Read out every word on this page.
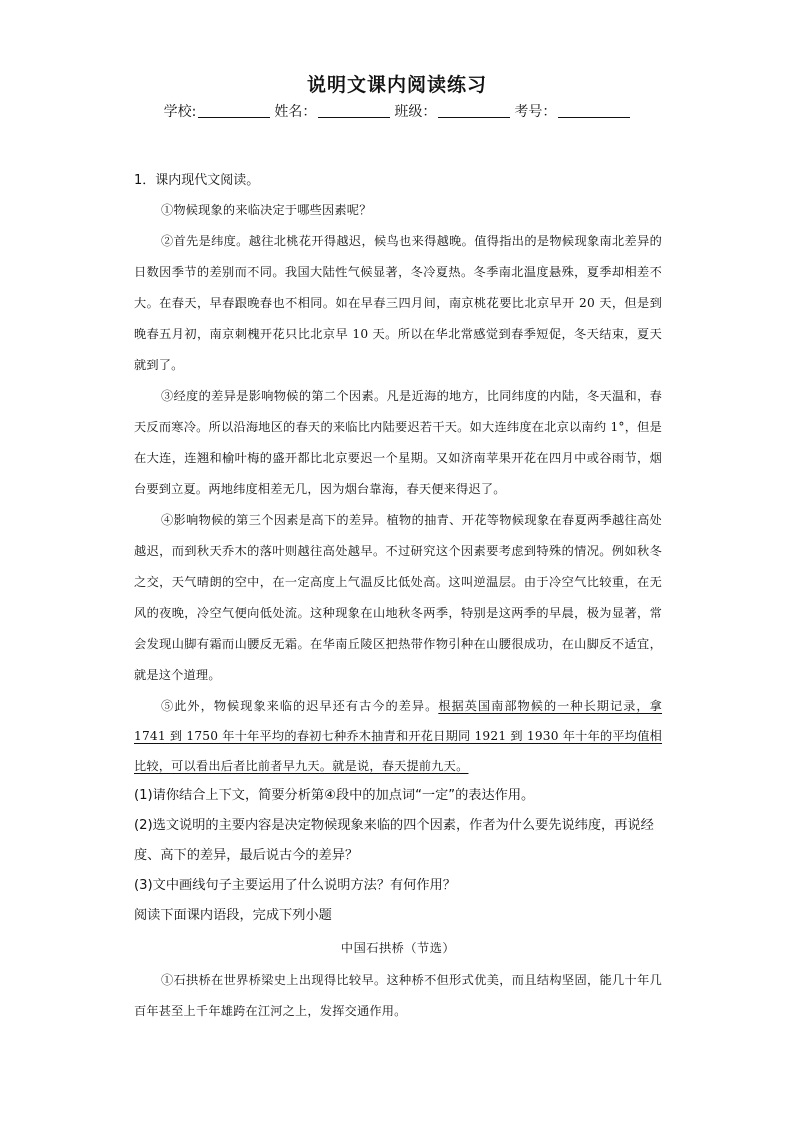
说明文课内阅读练习
学校:	姓名：	班级：	考号：

1．课内现代文阅读。

①物候现象的来临决定于哪些因素呢？

②首先是纬度。越往北桃花开得越迟，候鸟也来得越晚。值得指出的是物候现象南北差异的日数因季节的差别而不同。我国大陆性气候显著，冬冷夏热。冬季南北温度悬殊，夏季却相差不大。在春天，早春跟晚春也不相同。如在早春三四月间，南京桃花要比北京早开 20 天，但是到晚春五月初，南京刺槐开花只比北京早 10 天。所以在华北常感觉到春季短促，冬天结束，夏天就到了。

③经度的差异是影响物候的第二个因素。凡是近海的地方，比同纬度的内陆，冬天温和，春天反而寒冷。所以沿海地区的春天的来临比内陆要迟若干天。如大连纬度在北京以南约 1°，但是在大连，连翘和榆叶梅的盛开都比北京要迟一个星期。又如济南苹果开花在四月中或谷雨节，烟台要到立夏。两地纬度相差无几，因为烟台靠海，春天便来得迟了。

④影响物候的第三个因素是高下的差异。植物的抽青、开花等物候现象在春夏两季越往高处越迟，而到秋天乔木的落叶则越往高处越早。不过研究这个因素要考虑到特殊的情况。例如秋冬之交，天气晴朗的空中，在一定高度上气温反比低处高。这叫逆温层。由于冷空气比较重，在无风的夜晚，冷空气便向低处流。这种现象在山地秋冬两季，特别是这两季的早晨，极为显著，常会发现山脚有霜而山腰反无霜。在华南丘陵区把热带作物引种在山腰很成功，在山脚反不适宜，就是这个道理。

⑤此外，物候现象来临的迟早还有古今的差异。根据英国南部物候的一种长期记录，拿 1741 到 1750 年十年平均的春初七种乔木抽青和开花日期同 1921 到 1930 年十年的平均值相比较，可以看出后者比前者早九天。就是说，春天提前九天。

(1)请你结合上下文，简要分析第④段中的加点词“一定”的表达作用。

(2)选文说明的主要内容是决定物候现象来临的四个因素，作者为什么要先说纬度，再说经度、高下的差异，最后说古今的差异？

(3)文中画线句子主要运用了什么说明方法？有何作用？

阅读下面课内语段，完成下列小题

中国石拱桥（节选）

①石拱桥在世界桥梁史上出现得比较早。这种桥不但形式优美，而且结构坚固，能几十年几百年甚至上千年雄跨在江河之上，发挥交通作用。
